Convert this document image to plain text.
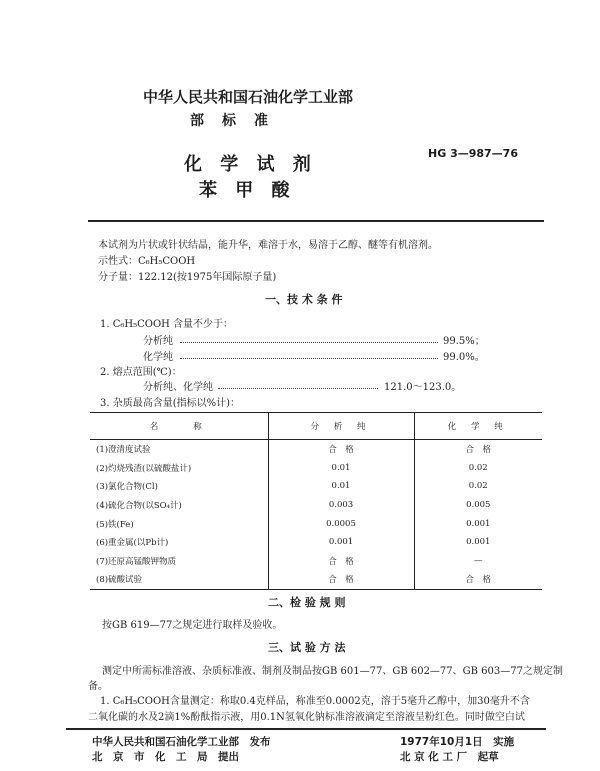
中华人民共和国石油化学工业部
部　标　准
HG 3—987—76
化 学 试 剂
苯 甲 酸
本试剂为片状或针状结晶，能升华，难溶于水，易溶于乙醇、醚等有机溶剂。
示性式：C₆H₅COOH
分子量：122.12(按1975年国际原子量)
一、技 术 条 件
1. C₆H₅COOH 含量不少于：
分析纯	99.5%；
化学纯	99.0%。
2. 熔点范围(℃)：
分析纯、化学纯	121.0～123.0。
3. 杂质最高含量(指标以%计)：
名　　称	分 析 纯	化 学 纯
(1)澄清度试验	合　格	合　格
(2)灼烧残渣(以硫酸盐计)	0.01	0.02
(3)氯化合物(Cl)	0.01	0.02
(4)硫化合物(以SO₄计)	0.003	0.005
(5)铁(Fe)	0.0005	0.001
(6)重金属(以Pb计)	0.001	0.001
(7)还原高锰酸钾物质	合　格	—
(8)硫酸试验	合　格	合　格
二、检 验 规 则
按GB 619—77之规定进行取样及验收。
三、试 验 方 法
测定中所需标准溶液、杂质标准液、制剂及制品按GB 601—77、GB 602—77、GB 603—77之规定制
备。
1. C₆H₅COOH含量测定：称取0.4克样品，称准至0.0002克，溶于5毫升乙醇中，加30毫升不含
二氧化碳的水及2滴1%酚酞指示液，用0.1N氢氧化钠标准溶液滴定至溶液呈粉红色。同时做空白试
中华人民共和国石油化学工业部　发布
北　京　市　化　工　局　提出
1977年10月1日　实施
北 京 化 工 厂　起草
